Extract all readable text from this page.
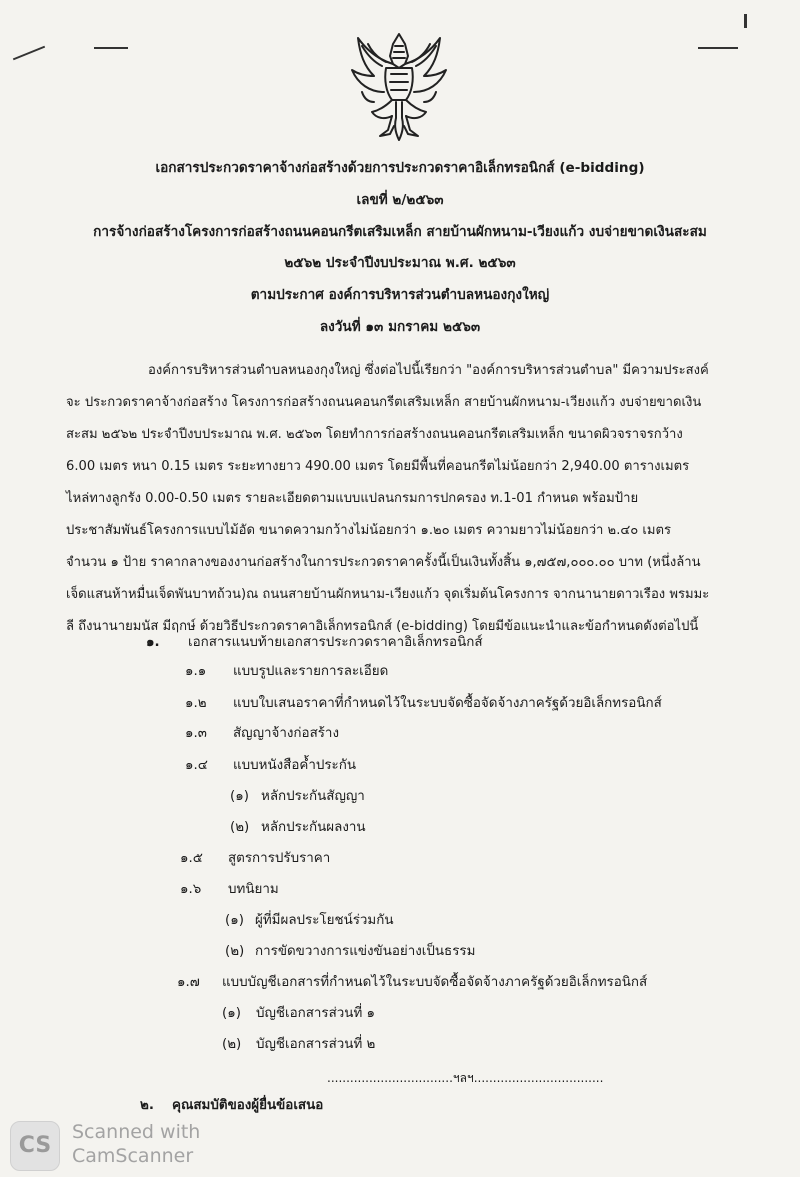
เอกสารประกวดราคาจ้างก่อสร้างด้วยการประกวดราคาอิเล็กทรอนิกส์ (e-bidding)
เลขที่ ๒/๒๕๖๓
การจ้างก่อสร้างโครงการก่อสร้างถนนคอนกรีตเสริมเหล็ก สายบ้านผักหนาม-เวียงแก้ว งบจ่ายขาดเงินสะสม
๒๕๖๒ ประจำปีงบประมาณ พ.ศ. ๒๕๖๓
ตามประกาศ องค์การบริหารส่วนตำบลหนองกุงใหญ่
ลงวันที่ ๑๓ มกราคม ๒๕๖๓
องค์การบริหารส่วนตำบลหนองกุงใหญ่ ซึ่งต่อไปนี้เรียกว่า "องค์การบริหารส่วนตำบล" มีความประสงค์
จะ ประกวดราคาจ้างก่อสร้าง โครงการก่อสร้างถนนคอนกรีตเสริมเหล็ก สายบ้านผักหนาม-เวียงแก้ว งบจ่ายขาดเงิน
สะสม ๒๕๖๒ ประจำปีงบประมาณ พ.ศ. ๒๕๖๓ โดยทำการก่อสร้างถนนคอนกรีตเสริมเหล็ก ขนาดผิวจราจรกว้าง
6.00 เมตร หนา 0.15 เมตร ระยะทางยาว 490.00 เมตร โดยมีพื้นที่คอนกรีตไม่น้อยกว่า 2,940.00 ตารางเมตร
ไหล่ทางลูกรัง 0.00-0.50 เมตร รายละเอียดตามแบบแปลนกรมการปกครอง ท.1-01 กำหนด พร้อมป้าย
ประชาสัมพันธ์โครงการแบบไม้อัด ขนาดความกว้างไม่น้อยกว่า ๑.๒๐ เมตร ความยาวไม่น้อยกว่า ๒.๔๐ เมตร
จำนวน ๑ ป้าย ราคากลางของงานก่อสร้างในการประกวดราคาครั้งนี้เป็นเงินทั้งสิ้น ๑,๗๕๗,๐๐๐.๐๐ บาท (หนึ่งล้าน
เจ็ดแสนห้าหมื่นเจ็ดพันบาทถ้วน)ณ ถนนสายบ้านผักหนาม-เวียงแก้ว จุดเริ่มต้นโครงการ จากนานายดาวเรือง พรมมะ
ลี ถึงนานายมนัส มีฤกษ์ ด้วยวิธีประกวดราคาอิเล็กทรอนิกส์ (e-bidding) โดยมีข้อแนะนำและข้อกำหนดดังต่อไปนี้
๑. เอกสารแนบท้ายเอกสารประกวดราคาอิเล็กทรอนิกส์
๑.๑ แบบรูปและรายการละเอียด
๑.๒ แบบใบเสนอราคาที่กำหนดไว้ในระบบจัดซื้อจัดจ้างภาครัฐด้วยอิเล็กทรอนิกส์
๑.๓ สัญญาจ้างก่อสร้าง
๑.๔ แบบหนังสือค้ำประกัน
(๑) หลักประกันสัญญา
(๒) หลักประกันผลงาน
๑.๕ สูตรการปรับราคา
๑.๖ บทนิยาม
(๑) ผู้ที่มีผลประโยชน์ร่วมกัน
(๒) การขัดขวางการแข่งขันอย่างเป็นธรรม
๑.๗ แบบบัญชีเอกสารที่กำหนดไว้ในระบบจัดซื้อจัดจ้างภาครัฐด้วยอิเล็กทรอนิกส์
(๑) บัญชีเอกสารส่วนที่ ๑
(๒) บัญชีเอกสารส่วนที่ ๒
.................................ฯลฯ..................................
๒. คุณสมบัติของผู้ยื่นข้อเสนอ
CS
Scanned with
CamScanner
